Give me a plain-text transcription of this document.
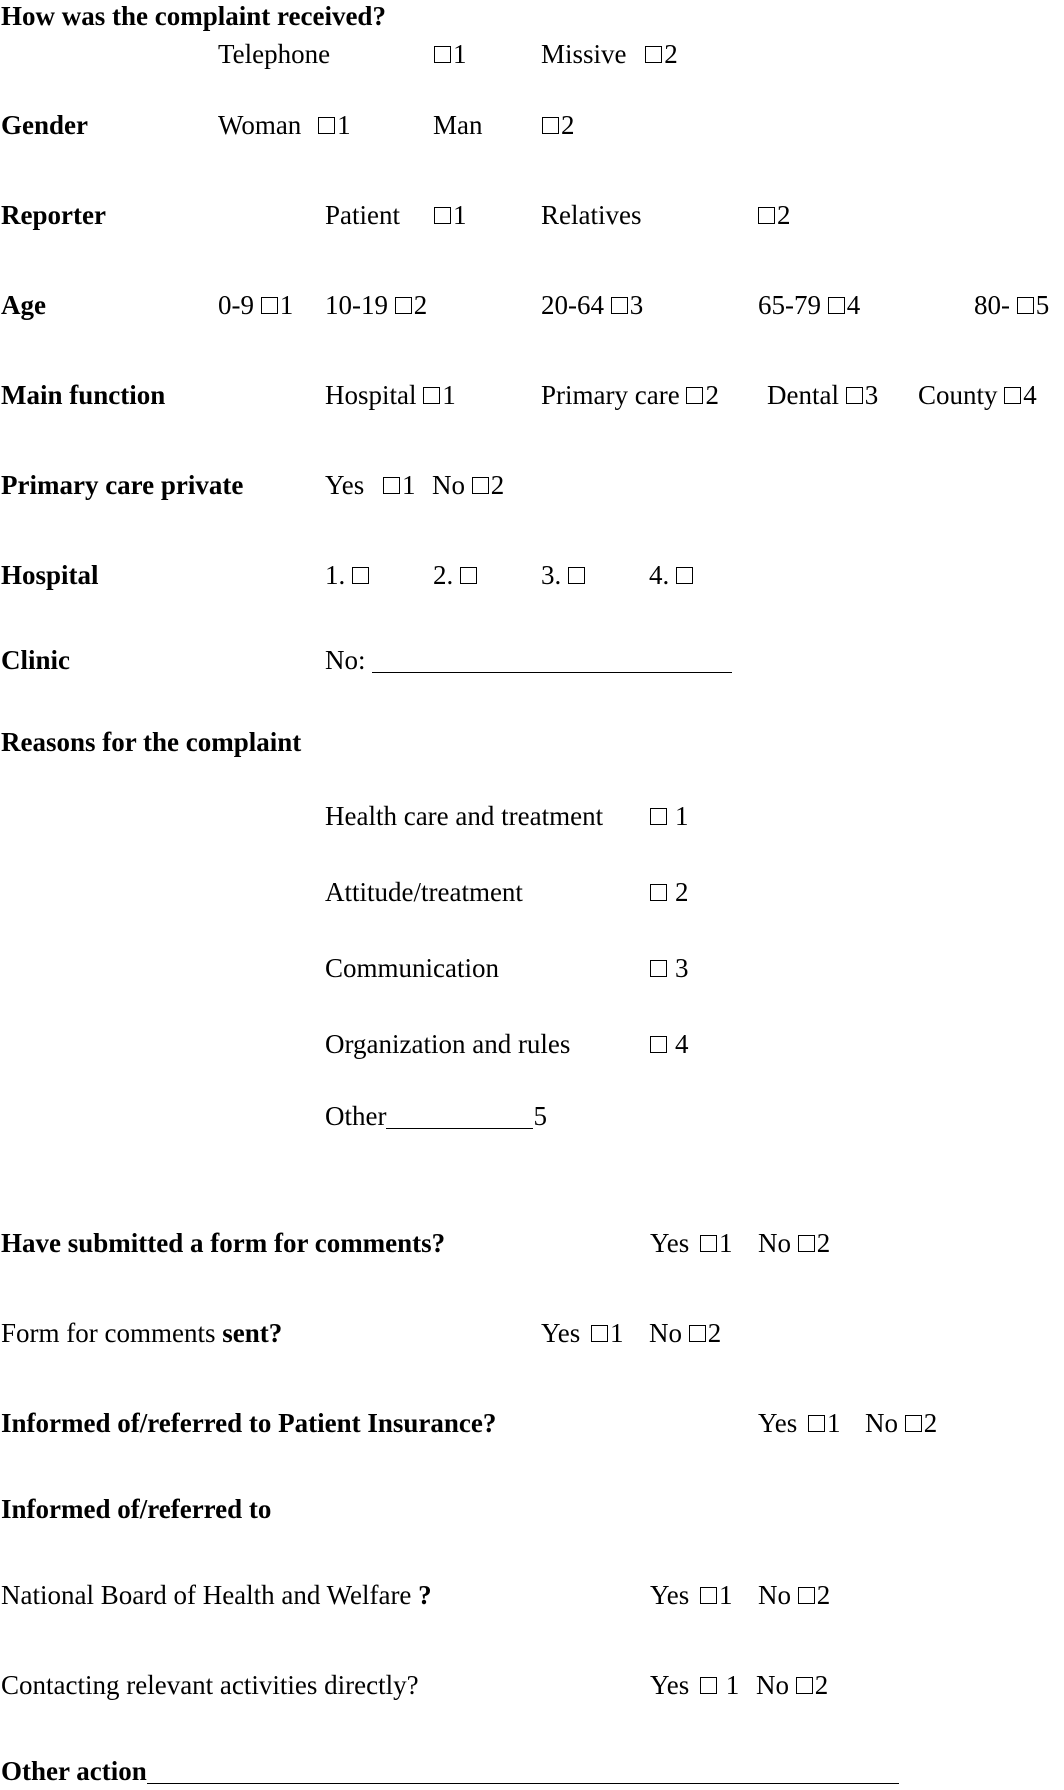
How was the complaint received?
Telephone	1	Missive 2
Gender	Woman 1	Man	2
Reporter	Patient	1	Relatives	2
Age	0-9 1 10-19 2	20-64 3	65-79 4	80- 5
Main function	Hospital 1	Primary care 2 Dental 3 County 4
Primary care private	Yes 1 No 2
Hospital	1.	2.	3.	4.
Clinic	No:
Reasons for the complaint
Health care and treatment	1
Attitude/treatment	2
Communication	3
Organization and rules	4
Other	5
Have submitted a form for comments?	Yes 1 No 2
Form for comments sent?	Yes 1 No 2
Informed of/referred to Patient Insurance?	Yes 1 No 2
Informed of/referred to
National Board of Health and Welfare ?	Yes 1 No 2
Contacting relevant activities directly?	Yes 1 No 2
Other action
